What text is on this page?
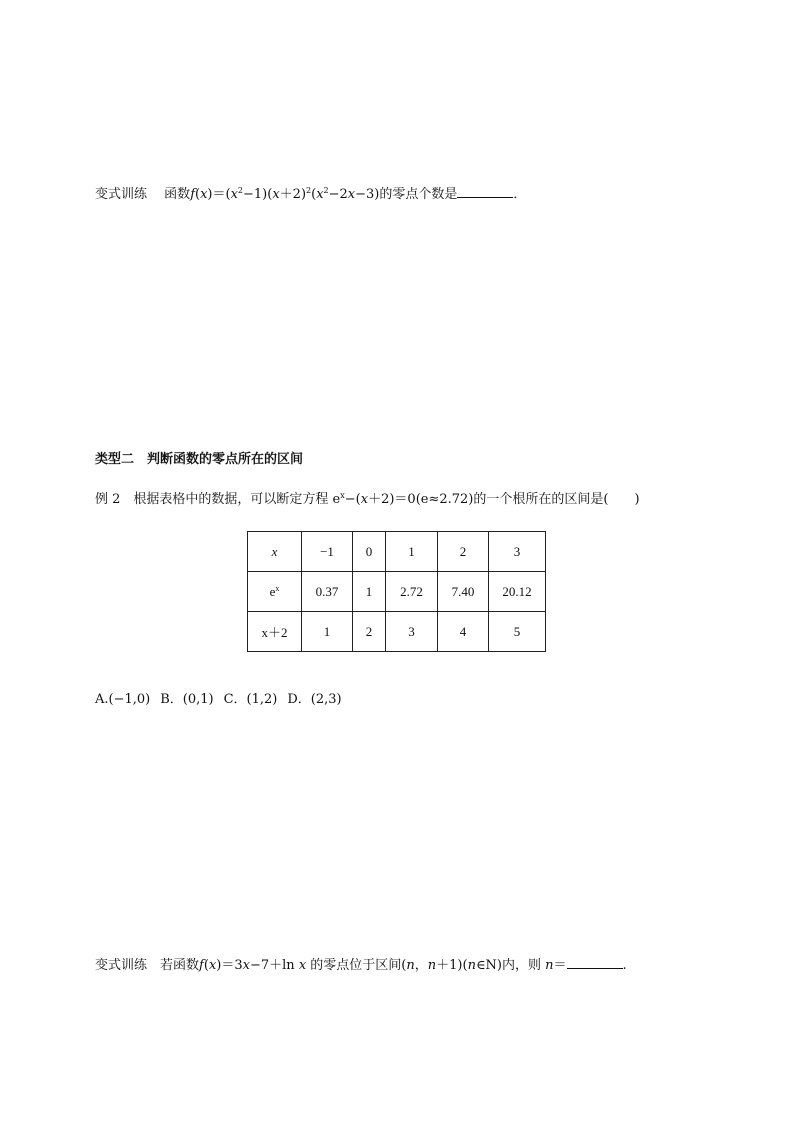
变式训练　 函数$f(x)=(x^2-1)(x+2)^2(x^2-2x-3)$的零点个数是	．
类型二　判断函数的零点所在的区间
例 2　 根据表格中的数据，可以断定方程 $e^x-(x+2)=0(e\approx 2.72)$的一个根所在的区间是(　　)
x	−1	0	1	2	3
$e^x$	0.37	1	2.72	7.40	20.12
x＋2	1	2	3	4	5
A.(−1,0) B．(0,1) C．(1,2) D．(2,3)
变式训练　 若函数f(x)＝3x−7＋ln x 的零点位于区间(n，n＋1)(n∈N)内，则 n＝	.
